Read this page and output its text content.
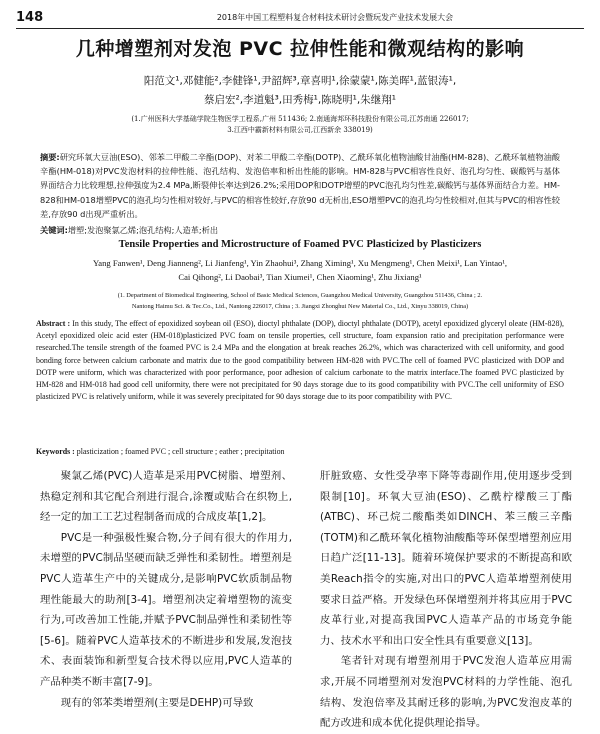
148	2018年中国工程塑料复合材料技术研讨会暨玩发产业技术发展大会
几种增塑剂对发泡 PVC 拉伸性能和微观结构的影响
阳范文¹,邓健能²,李健锋¹,尹韶辉³,章喜明¹,徐蒙蒙¹,陈美晖¹,蓝银涛¹,
蔡启宏²,李道魁³,田秀梅¹,陈晓明¹,朱继翔¹
(1.广州医科大学基础学院生物医学工程系,广州 511436; 2.南通海邦环科技股份有限公司,江苏南通 226017;
3.江西中霸新材料有限公司,江西新余 338019)
摘要:研究环氧大豆油(ESO)、邻苯二甲酸二辛酯(DOP)、对苯二甲酸二辛酯(DOTP)、乙酰环氧化植物油酸甘油酯(HM-828)、乙酰环氧植物油酸辛酯(HM-018)对PVC发泡材料的拉伸性能、泡孔结构、发泡倍率和析出性能的影响。HM-828与PVC相容性良好、泡孔均匀性、碳酸钙与基体界面结合力比较理想,拉伸强度为2.4 MPa,断裂伸长率达到26.2%;采用DOP和DOTP增塑的PVC泡孔均匀性差,碳酸钙与基体界面结合力差。HM-828和HM-018增塑PVC的泡孔均匀性相对较好,与PVC的相容性较好,存放90 d无析出,ESO增塑PVC的泡孔均匀性较相对,但其与PVC的相容性较差,存放90 d出现严重析出。
关键词:增塑;发泡聚氯乙烯;泡孔结构;人造革;析出
Tensile Properties and Microstructure of Foamed PVC Plasticized by Plasticizers
Yang Fanwen¹, Deng Jianneng², Li Jianfeng¹, Yin Zhaohui³, Zhang Ximing¹, Xu Mengmeng¹, Chen Meixi¹, Lan Yintao¹,
Cai Qihong², Li Daobai³, Tian Xiumei¹, Chen Xiaoming¹, Zhu Jixiang¹
(1. Department of Biomedical Engineering, School of Basic Medical Sciences, Guangzhou Medical University, Guangzhou 511436, China ; 2.
Nantong Haimu Sci. & Tec.Co., Ltd., Nantong 226017, China ; 3. Jiangxi Zhonghui New Material Co., Ltd., Xinyu 338019, China)
Abstract : In this study, The effect of epoxidized soybean oil (ESO), dioctyl phthalate (DOP), dioctyl phthalate (DOTP), acetyl epoxidized glyceryl oleate (HM-828), Acetyl epoxidized oleic acid ester (HM-018)plasticized PVC foam on tensile properties, cell structure, foam expansion ratio and precipitation performance were researched.The tensile strength of the foamed PVC is 2.4 MPa and the elongation at break reaches 26.2%, which was characterized with cell uniformity, and good bonding force between calcium carbonate and matrix due to the good compatibility between HM-828 with PVC.The cell of foamed PVC plasticized with DOP and DOTP were uniform, which was characterized with poor performance, poor adhesion of calcium carbonate to the matrix interface.The foamed PVC plasticized by HM-828 and HM-018 had good cell uniformity, there were not precipitated for 90 days storage due to its good compatibility with PVC.The cell uniformity of ESO plasticized PVC is relatively uniform, while it was severely precipitated for 90 days storage due to its poor compatibility with PVC.
Keywords : plasticization ; foamed PVC ; cell structure ; eather ; precipitation

聚氯乙烯(PVC)人造革是采用PVC树脂、增塑剂、热稳定剂和其它配合剂进行混合,涂覆或贴合在织物上,经一定的加工工艺过程制备而成的合成皮革[1,2]。

PVC是一种强极性聚合物,分子间有很大的作用力,未增塑的PVC制品坚硬而缺乏弹性和柔韧性。增塑剂是PVC人造革生产中的关键成分,是影响PVC软质制品物理性能最大的助剂[3-4]。增塑剂决定着增塑物的流变行为,可改善加工性能,并赋予PVC制品弹性和柔韧性等[5-6]。随着PVC人造革技术的不断进步和发展,发泡技术、表面装饰和新型复合技术得以应用,PVC人造革的产品种类不断丰富[7-9]。

现有的邻苯类增塑剂(主要是DEHP)可导致

肝脏致癌、女性受孕率下降等毒副作用,使用逐步受到限制[10]。环氧大豆油(ESO)、乙酰柠檬酸三丁酯(ATBC)、环己烷二酸酯类如DINCH、苯三酸三辛酯(TOTM)和乙酰环氧化植物油酸酯等环保型增塑剂应用日趋广泛[11-13]。随着环境保护要求的不断提高和欧美Reach指令的实施,对出口的PVC人造革增塑剂使用要求日益严格。开发绿色环保增塑剂并将其应用于PVC皮革行业,对提高我国PVC人造革产品的市场竞争能力、技术水平和出口安全性具有重要意义[13]。

笔者针对现有增塑剂用于PVC发泡人造革应用需求,开展不同增塑剂对发泡PVC材料的力学性能、泡孔结构、发泡倍率及其耐迁移的影响,为PVC发泡皮革的配方改进和成本优化提供理论指导。
